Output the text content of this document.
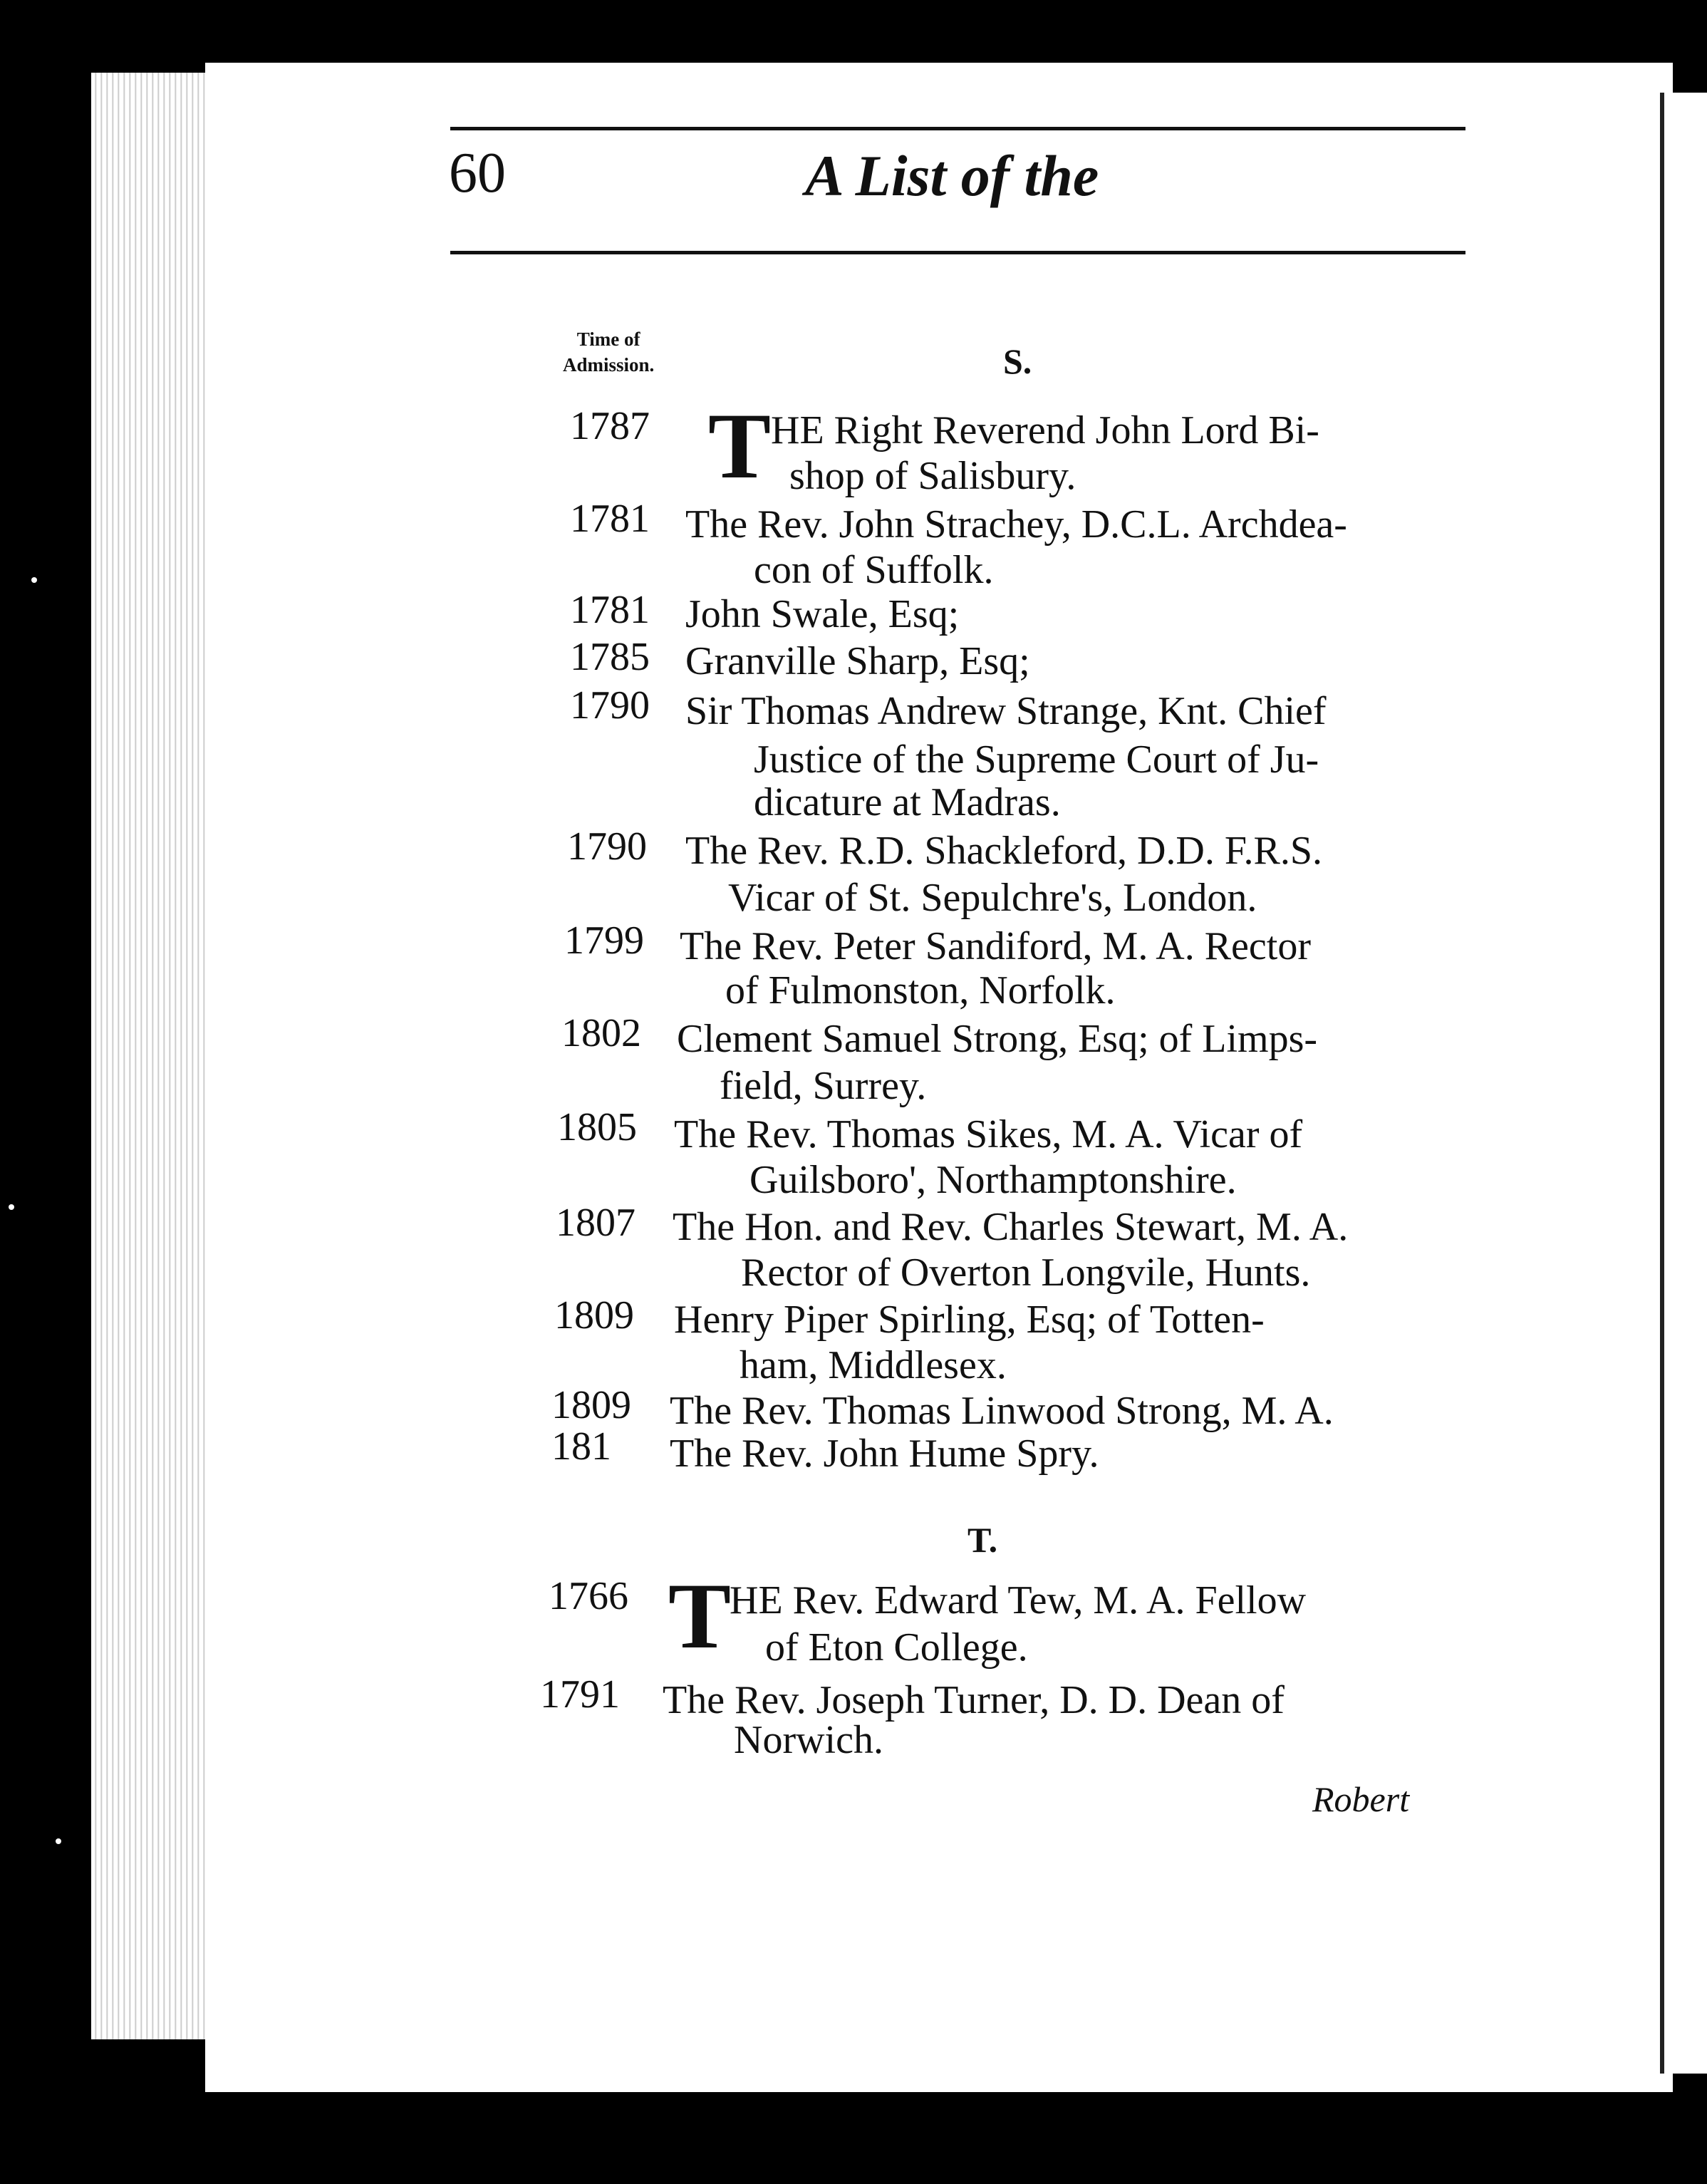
60	A List of the
Time of
Admission.	S.
T.
1787 T HE Right Reverend John Lord Bi-
shop of Salisbury.
1781 The Rev. John Strachey, D.C.L. Archdea-
con of Suffolk.
1781 John Swale, Esq;
1785 Granville Sharp, Esq;
1790 Sir Thomas Andrew Strange, Knt. Chief
Justice of the Supreme Court of Ju-
dicature at Madras.
1790 The Rev. R.D. Shackleford, D.D. F.R.S.
Vicar of St. Sepulchre's, London.
1799 The Rev. Peter Sandiford, M. A. Rector
of Fulmonston, Norfolk.
1802 Clement Samuel Strong, Esq; of Limps-
field, Surrey.
1805 The Rev. Thomas Sikes, M. A. Vicar of
Guilsboro', Northamptonshire.
1807 The Hon. and Rev. Charles Stewart, M. A.
Rector of Overton Longvile, Hunts.
1809 Henry Piper Spirling, Esq; of Totten-
ham, Middlesex.
1809 The Rev. Thomas Linwood Strong, M. A.
181 The Rev. John Hume Spry.
1766 T
HE Rev. Edward Tew, M. A. Fellow
of Eton College.
1791 The Rev. Joseph Turner, D. D. Dean of
Norwich.
Robert
